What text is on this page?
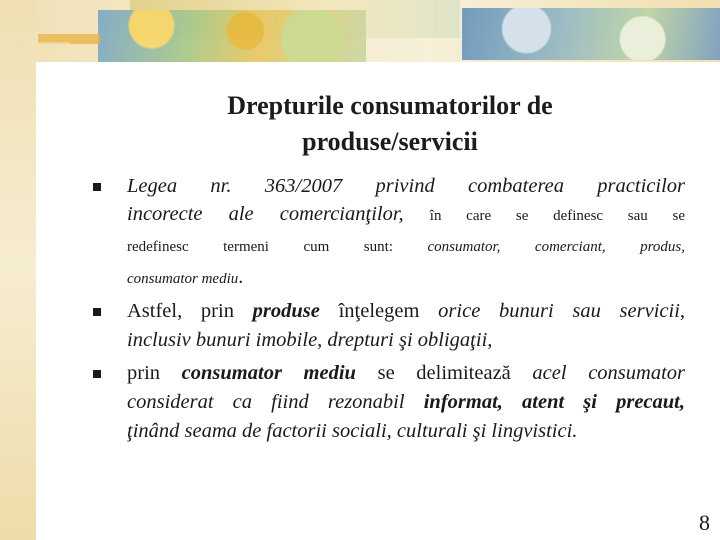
Drepturile consumatorilor de
produse/servicii
Legea nr. 363/2007 privind combaterea practicilor
incorecte ale comercianţilor, în care se definesc sau se
redefinesc termeni cum sunt: consumator, comerciant, produs,
consumator mediu.
Astfel, prin produse înţelegem orice bunuri sau servicii,
inclusiv bunuri imobile, drepturi şi obligaţii,
prin consumator mediu se delimitează acel consumator
considerat ca fiind rezonabil informat, atent şi precaut,
ţinând seama de factorii sociali, culturali şi lingvistici.
8
